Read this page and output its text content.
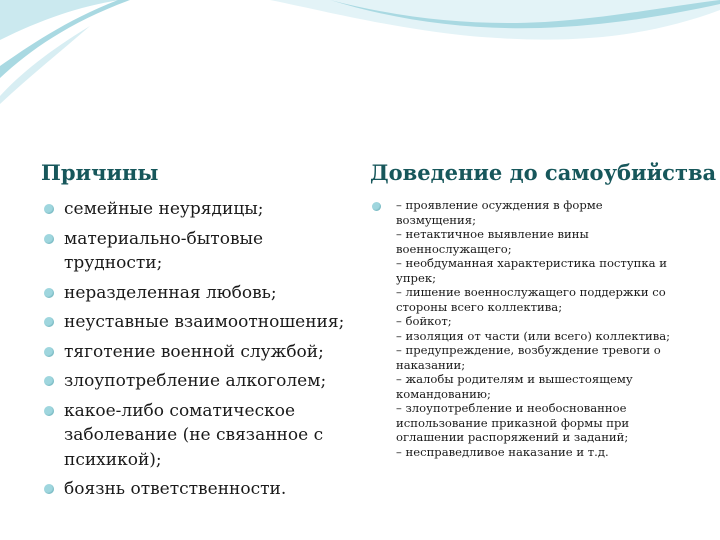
Причины	Доведение до самоубийства
семейные неурядицы;
материально-бытовые трудности;
неразделенная любовь;
неуставные взаимоотношения;
тяготение военной службой;
злоупотребление алкоголем;
какое-либо соматическое заболевание (не связанное с психикой);
боязнь ответственности.
– проявление осуждения в форме возмущения;
– нетактичное выявление вины военнослужащего;
– необдуманная характеристика поступка и упрек;
– лишение военнослужащего поддержки со стороны всего коллектива;
– бойкот;
– изоляция от части (или всего) коллектива;
– предупреждение, возбуждение тревоги о наказании;
– жалобы родителям и вышестоящему командованию;
– злоупотребление и необоснованное использование приказной формы при оглашении распоряжений и заданий;
– несправедливое наказание и т.д.
